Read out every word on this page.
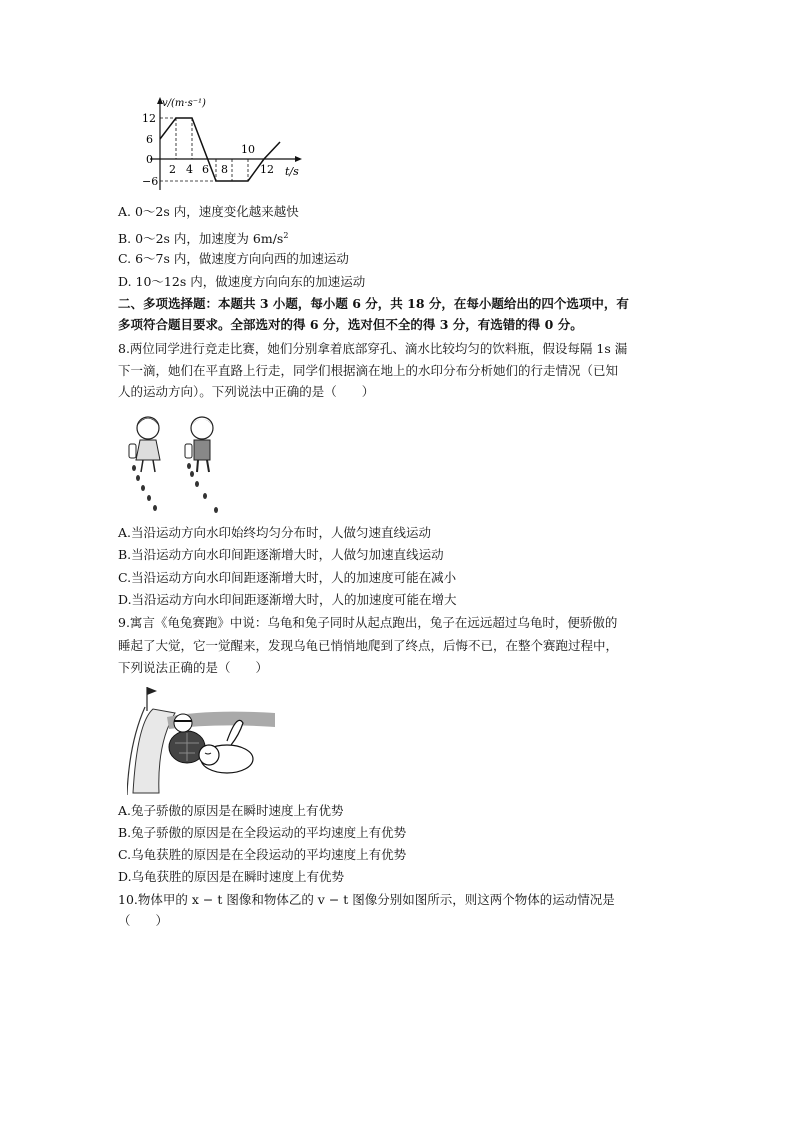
v/(m·s⁻¹)
t/s
12
6
0
−6
2 4 6 8	12
10
A. 0～2s 内，速度变化越来越快
B. 0～2s 内，加速度为 $6m/s^2$
C. 6～7s 内，做速度方向向西的加速运动
D. 10～12s 内，做速度方向向东的加速运动
二、多项选择题：本题共 3 小题，每小题 6 分，共 18 分，在每小题给出的四个选项中，有
多项符合题目要求。全部选对的得 6 分，选对但不全的得 3 分，有选错的得 0 分。
8.两位同学进行竞走比赛，她们分别拿着底部穿孔、滴水比较均匀的饮料瓶，假设每隔 1s 漏
下一滴，她们在平直路上行走，同学们根据滴在地上的水印分布分析她们的行走情况（已知
人的运动方向）。下列说法中正确的是（　　）
A.当沿运动方向水印始终均匀分布时，人做匀速直线运动
B.当沿运动方向水印间距逐渐增大时，人做匀加速直线运动
C.当沿运动方向水印间距逐渐增大时，人的加速度可能在减小
D.当沿运动方向水印间距逐渐增大时，人的加速度可能在增大
9.寓言《龟兔赛跑》中说：乌龟和兔子同时从起点跑出，兔子在远远超过乌龟时，便骄傲的
睡起了大觉，它一觉醒来，发现乌龟已悄悄地爬到了终点，后悔不已，在整个赛跑过程中，
下列说法正确的是（　　）
A.兔子骄傲的原因是在瞬时速度上有优势
B.兔子骄傲的原因是在全段运动的平均速度上有优势
C.乌龟获胜的原因是在全段运动的平均速度上有优势
D.乌龟获胜的原因是在瞬时速度上有优势
10.物体甲的 x − t 图像和物体乙的 v − t 图像分别如图所示，则这两个物体的运动情况是
（　　）
